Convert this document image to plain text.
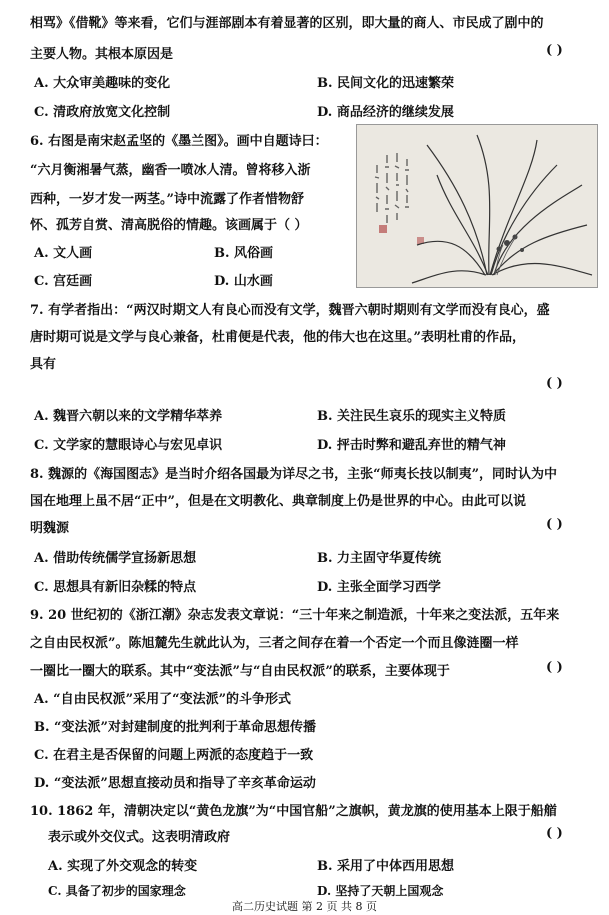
相骂》《借靴》等来看，它们与涯部剧本有着显著的区别，即大量的商人、市民成了剧中的
主要人物。其根本原因是	( )
A. 大众审美趣味的变化	B. 民间文化的迅速繁荣
C. 清政府放宽文化控制	D. 商品经济的继续发展
6. 右图是南宋赵孟坚的《墨兰图》。画中自题诗曰：
“六月衡湘暑气蒸，幽香一喷冰人清。曾将移入浙
西种，一岁才发一两茎。”诗中流露了作者惜物舒
怀、孤芳自赏、清高脱俗的情趣。该画属于（ ）
A. 文人画	B. 风俗画
C. 宫廷画	D. 山水画
7. 有学者指出：“两汉时期文人有良心而没有文学，魏晋六朝时期则有文学而没有良心，盛
唐时期可说是文学与良心兼备，杜甫便是代表，他的伟大也在这里。”表明杜甫的作品，
具有
( )
A. 魏晋六朝以来的文学精华萃养	B. 关注民生哀乐的现实主义特质
C. 文学家的慧眼诗心与宏见卓识	D. 抨击时弊和避乱弃世的精气神
8. 魏源的《海国图志》是当时介绍各国最为详尽之书，主张“师夷长技以制夷”，同时认为中
国在地理上虽不居“正中”，但是在文明教化、典章制度上仍是世界的中心。由此可以说
明魏源	( )
A. 借助传统儒学宣扬新思想	B. 力主固守华夏传统
C. 思想具有新旧杂糅的特点	D. 主张全面学习西学
9. 20 世纪初的《浙江潮》杂志发表文章说：“三十年来之制造派，十年来之变法派，五年来
之自由民权派”。陈旭麓先生就此认为，三者之间存在着一个否定一个而且像涟圈一样
一圈比一圈大的联系。其中“变法派”与“自由民权派”的联系，主要体现于	( )
A. “自由民权派”采用了“变法派”的斗争形式
B. “变法派”对封建制度的批判利于革命思想传播
C. 在君主是否保留的问题上两派的态度趋于一致
D. “变法派”思想直接动员和指导了辛亥革命运动
10. 1862 年，清朝决定以“黄色龙旗”为“中国官船”之旗帜，黄龙旗的使用基本上限于船艏
表示或外交仪式。这表明清政府	( )
A. 实现了外交观念的转变	B. 采用了中体西用思想
C. 具备了初步的国家理念	D. 坚持了天朝上国观念
高二历史试题 第 2 页 共 8 页
